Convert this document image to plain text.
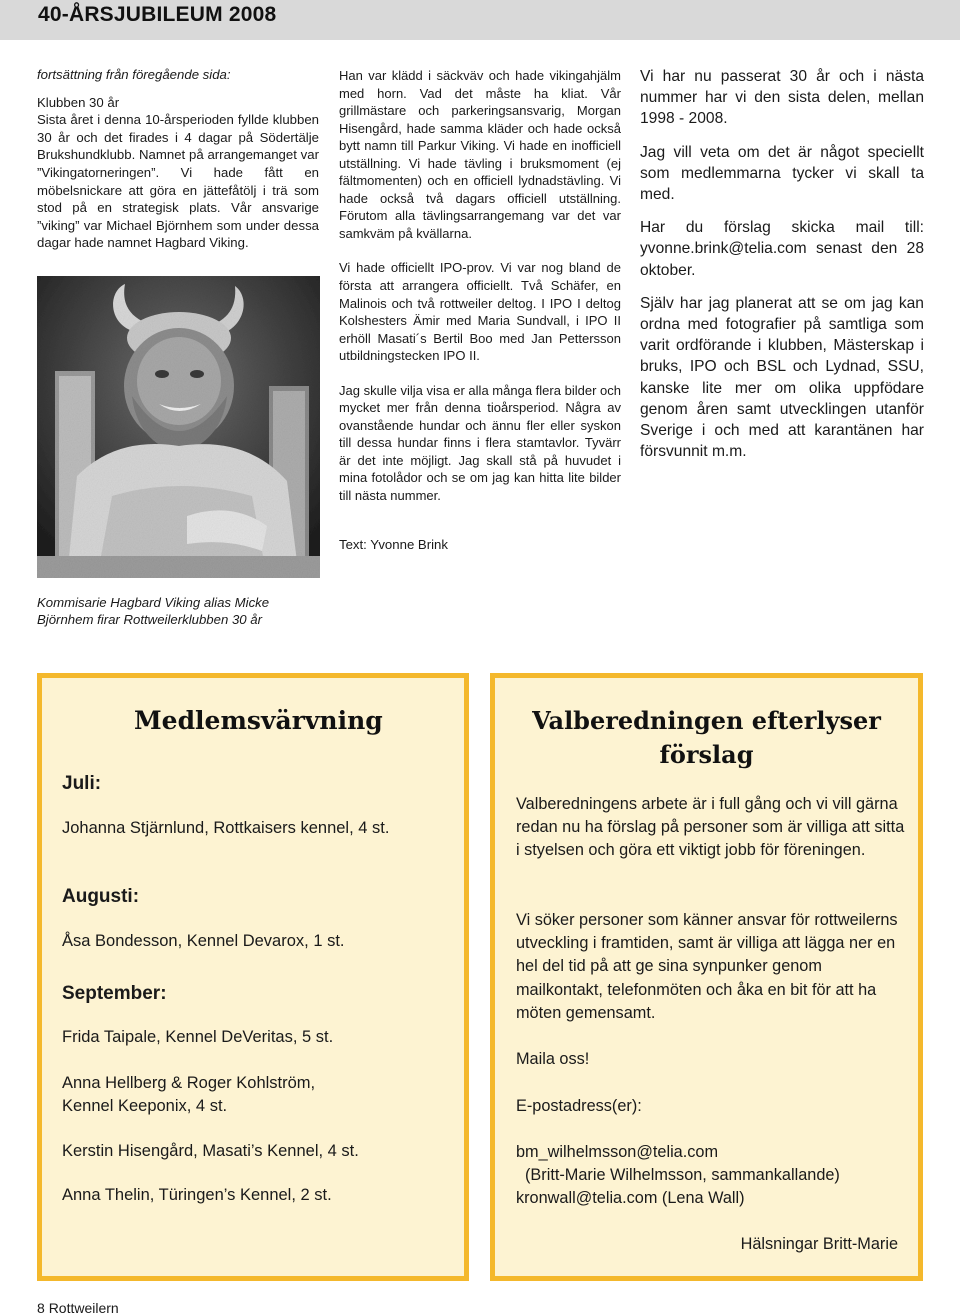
40-ÅRSJUBILEUM 2008

fortsättning från föregående sida:

Klubben 30 år

Sista året i denna 10-årsperioden fyllde klubben 30 år och det firades i 4 dagar på Södertälje Brukshundklubb. Namnet på arrangemanget var ”Vikingatorneringen”. Vi hade fått en möbelsnickare att göra en jättefåtölj i trä som stod på en strategisk plats. Vår ansvarige ”viking” var Michael Björnhem som under dessa dagar hade namnet Hagbard Viking.

Kommisarie Hagbard Viking alias Micke Björnhem firar Rottweilerklubben 30 år

Han var klädd i säckväv och hade vikingahjälm med horn. Vad det måste ha kliat. Vår grillmästare och parkeringsansvarig, Morgan Hisengård, hade samma kläder och hade också bytt namn till Parkur Viking. Vi hade en inofficiell utställning. Vi hade tävling i bruksmoment (ej fältmomenten) och en officiell lydnadstävling. Vi hade också två dagars officiell utställning. Förutom alla tävlingsarrangemang var det var samkväm på kvällarna.

Vi hade officiellt IPO-prov. Vi var nog bland de första att arrangera officiellt. Två Schäfer, en Malinois och två rottweiler deltog. I IPO I deltog Kolshesters Ämir med Maria Sundvall, i IPO II erhöll Masati´s Bertil Boo med Jan Pettersson utbildningstecken IPO II.

Jag skulle vilja visa er alla många flera bilder och mycket mer från denna tioårsperiod. Några av ovanstående hundar och ännu fler eller syskon till dessa hundar finns i flera stamtavlor. Tyvärr är det inte möjligt. Jag skall stå på huvudet i mina fotolådor och se om jag kan hitta lite bilder till nästa nummer.

Text: Yvonne Brink

Vi har nu passerat 30 år och i nästa nummer har vi den sista delen, mellan 1998 - 2008.

Jag vill veta om det är något speciellt som medlemmarna tycker vi skall ta med.

Har du förslag skicka mail till: yvonne.brink@telia.com senast den 28 oktober.

Själv har jag planerat att se om jag kan ordna med fotografier på samtliga som varit ordförande i klubben, Mästerskap i bruks, IPO och BSL och Lydnad, SSU, kanske lite mer om olika uppfödare genom åren samt utvecklingen utanför Sverige i och med att karantänen har försvunnit m.m.

Medlemsvärvning
Juli:
Johanna Stjärnlund, Rottkaisers kennel, 4 st.
Augusti:
Åsa Bondesson, Kennel Devarox, 1 st.
September:
Frida Taipale, Kennel DeVeritas, 5 st.
Anna Hellberg & Roger Kohlström,
Kennel Keeponix, 4 st.
Kerstin Hisengård, Masati’s Kennel, 4 st.
Anna Thelin, Türingen’s Kennel, 2 st.
Valberedningen efterlyser
förslag
Valberedningens arbete är i full gång och vi vill gärna redan nu ha förslag på personer som är villiga att sitta i styelsen och göra ett viktigt jobb för föreningen.
Vi söker personer som känner ansvar för rottweilerns utveckling i framtiden, samt är villiga att lägga ner en hel del tid på att ge sina synpunker genom mailkontakt, telefonmöten och åka en bit för att ha möten gemensamt.
Maila oss!
E-postadress(er):
bm_wilhelmsson@telia.com
(Britt-Marie Wilhelmsson, sammankallande)
kronwall@telia.com (Lena Wall)
Hälsningar Britt-Marie
8 Rottweilern
